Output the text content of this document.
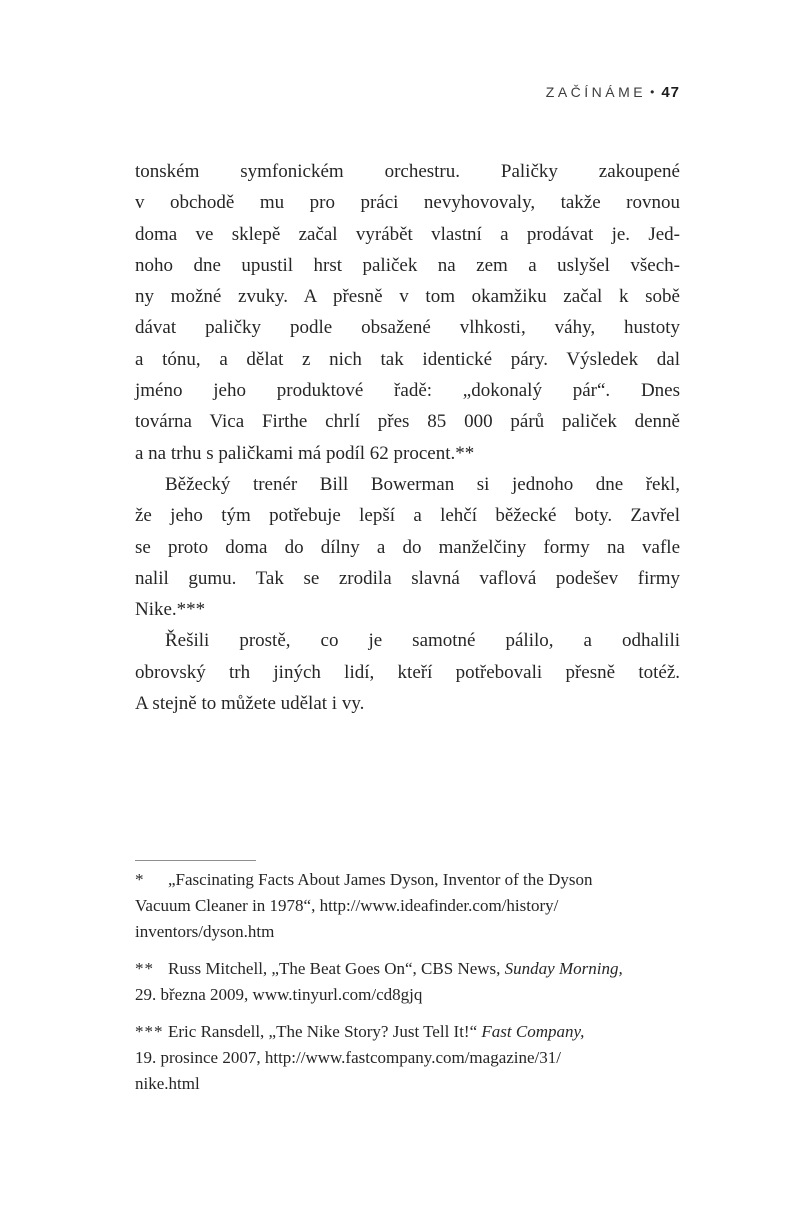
ZAČÍNÁME • 47
tonském symfonickém orchestru. Paličky zakoupené
v obchodě mu pro práci nevyhovovaly, takže rovnou
doma ve sklepě začal vyrábět vlastní a prodávat je. Jed-
noho dne upustil hrst paliček na zem a uslyšel všech-
ny možné zvuky. A přesně v tom okamžiku začal k sobě
dávat paličky podle obsažené vlhkosti, váhy, hustoty
a tónu, a dělat z nich tak identické páry. Výsledek dal
jméno jeho produktové řadě: „dokonalý pár“. Dnes
továrna Vica Firthe chrlí přes 85 000 párů paliček denně
a na trhu s paličkami má podíl 62 procent.**
Běžecký trenér Bill Bowerman si jednoho dne řekl,
že jeho tým potřebuje lepší a lehčí běžecké boty. Zavřel
se proto doma do dílny a do manželčiny formy na vafle
nalil gumu. Tak se zrodila slavná vaflová podešev firmy
Nike.***
Řešili prostě, co je samotné pálilo, a odhalili
obrovský trh jiných lidí, kteří potřebovali přesně totéž.
A stejně to můžete udělat i vy.
* „Fascinating Facts About James Dyson, Inventor of the Dyson
Vacuum Cleaner in 1978“, http://www.ideafinder.com/history/
inventors/dyson.htm
** Russ Mitchell, „The Beat Goes On“, CBS News, Sunday Morning,
29. března 2009, www.tinyurl.com/cd8gjq
*** Eric Ransdell, „The Nike Story? Just Tell It!“ Fast Company,
19. prosince 2007, http://www.fastcompany.com/magazine/31/
nike.html
